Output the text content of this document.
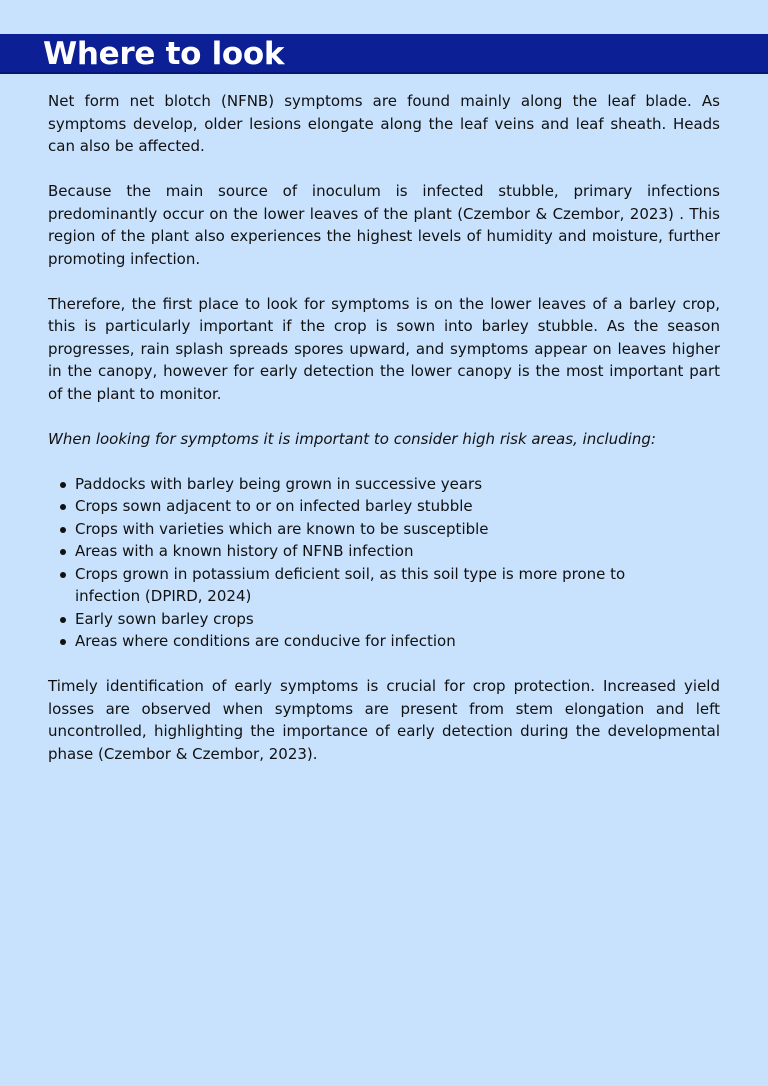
Where to look

Net form net blotch (NFNB) symptoms are found mainly along the leaf blade. As symptoms develop, older lesions elongate along the leaf veins and leaf sheath. Heads can also be affected.

Because the main source of inoculum is infected stubble, primary infections predominantly occur on the lower leaves of the plant (Czembor & Czembor, 2023) . This region of the plant also experiences the highest levels of humidity and moisture, further promoting infection.

Therefore, the first place to look for symptoms is on the lower leaves of a barley crop, this is particularly important if the crop is sown into barley stubble. As the season progresses, rain splash spreads spores upward, and symptoms appear on leaves higher in the canopy, however for early detection the lower canopy is the most important part of the plant to monitor.

When looking for symptoms it is important to consider high risk areas, including:

Paddocks with barley being grown in successive years
Crops sown adjacent to or on infected barley stubble
Crops with varieties which are known to be susceptible
Areas with a known history of NFNB infection
Crops grown in potassium deficient soil, as this soil type is more prone to infection (DPIRD, 2024)
Early sown barley crops
Areas where conditions are conducive for infection

Timely identification of early symptoms is crucial for crop protection. Increased yield losses are observed when symptoms are present from stem elongation and left uncontrolled, highlighting the importance of early detection during the developmental phase (Czembor & Czembor, 2023).
